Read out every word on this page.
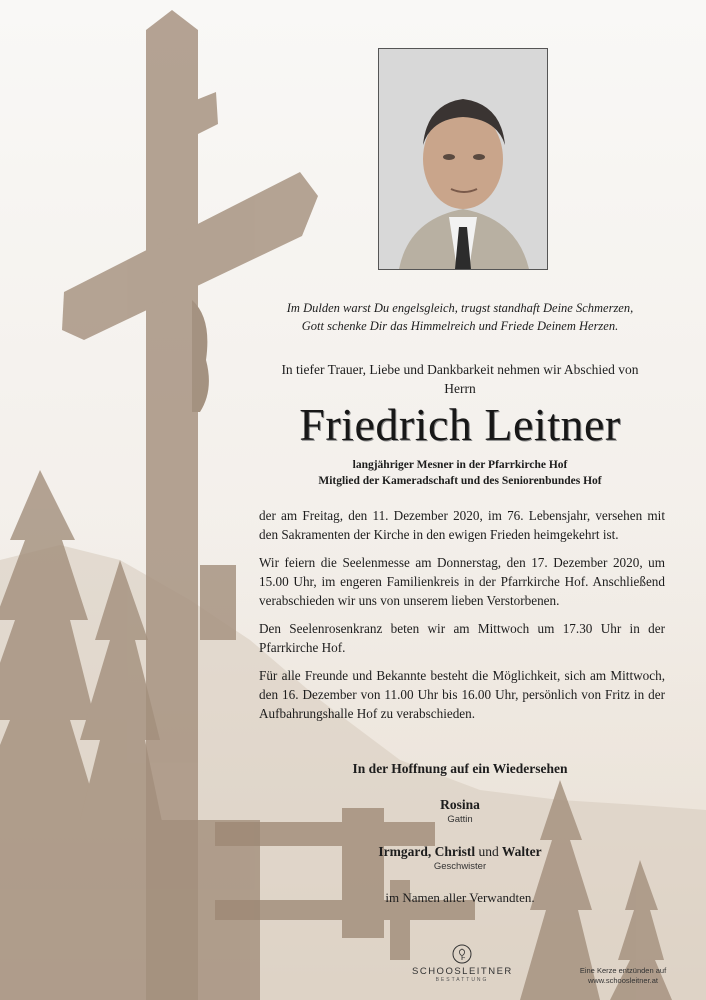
Im Dulden warst Du engelsgleich, trugst standhaft Deine Schmerzen,
Gott schenke Dir das Himmelreich und Friede Deinem Herzen.
In tiefer Trauer, Liebe und Dankbarkeit nehmen wir Abschied von
Herrn
Friedrich Leitner
langjähriger Mesner in der Pfarrkirche Hof
Mitglied der Kameradschaft und des Seniorenbundes Hof

der am Freitag, den 11. Dezember 2020, im 76. Lebensjahr, versehen mit den Sakramenten der Kirche in den ewigen Frieden heimgekehrt ist.

Wir feiern die Seelenmesse am Donnerstag, den 17. Dezember 2020, um 15.00 Uhr, im engeren Familienkreis in der Pfarrkirche Hof. Anschließend verabschieden wir uns von unserem lieben Verstorbenen.

Den Seelenrosenkranz beten wir am Mittwoch um 17.30 Uhr in der Pfarrkirche Hof.

Für alle Freunde und Bekannte besteht die Möglichkeit, sich am Mittwoch, den 16. Dezember von 11.00 Uhr bis 16.00 Uhr, persönlich von Fritz in der Aufbahrungshalle Hof zu verabschieden.

In der Hoffnung auf ein Wiedersehen
Rosina
Gattin
Irmgard, Christl und Walter
Geschwister
im Namen aller Verwandten.
SCHOOSLEITNER
BESTATTUNG
Eine Kerze entzünden auf
www.schoosleitner.at
